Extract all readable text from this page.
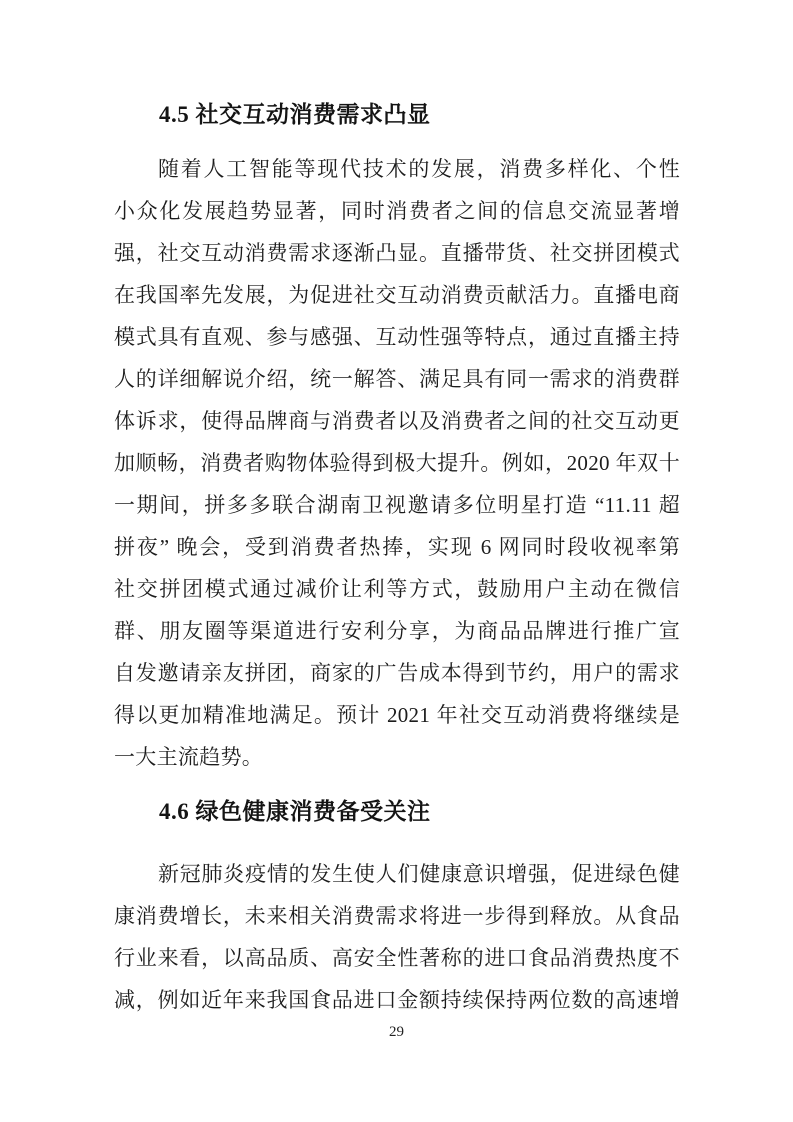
4.5 社交互动消费需求凸显
随着人工智能等现代技术的发展，消费多样化、个性
小众化发展趋势显著，同时消费者之间的信息交流显著增
强，社交互动消费需求逐渐凸显。直播带货、社交拼团模式
在我国率先发展，为促进社交互动消费贡献活力。直播电商
模式具有直观、参与感强、互动性强等特点，通过直播主持
人的详细解说介绍，统一解答、满足具有同一需求的消费群
体诉求，使得品牌商与消费者以及消费者之间的社交互动更
加顺畅，消费者购物体验得到极大提升。例如，2020 年双十
一期间，拼多多联合湖南卫视邀请多位明星打造 “11.11 超
拼夜” 晚会，受到消费者热捧，实现 6 网同时段收视率第
社交拼团模式通过减价让利等方式，鼓励用户主动在微信
群、朋友圈等渠道进行安利分享，为商品品牌进行推广宣
自发邀请亲友拼团，商家的广告成本得到节约，用户的需求
得以更加精准地满足。预计 2021 年社交互动消费将继续是
一大主流趋势。
4.6 绿色健康消费备受关注
新冠肺炎疫情的发生使人们健康意识增强，促进绿色健
康消费增长，未来相关消费需求将进一步得到释放。从食品
行业来看，以高品质、高安全性著称的进口食品消费热度不
减，例如近年来我国食品进口金额持续保持两位数的高速增
29
